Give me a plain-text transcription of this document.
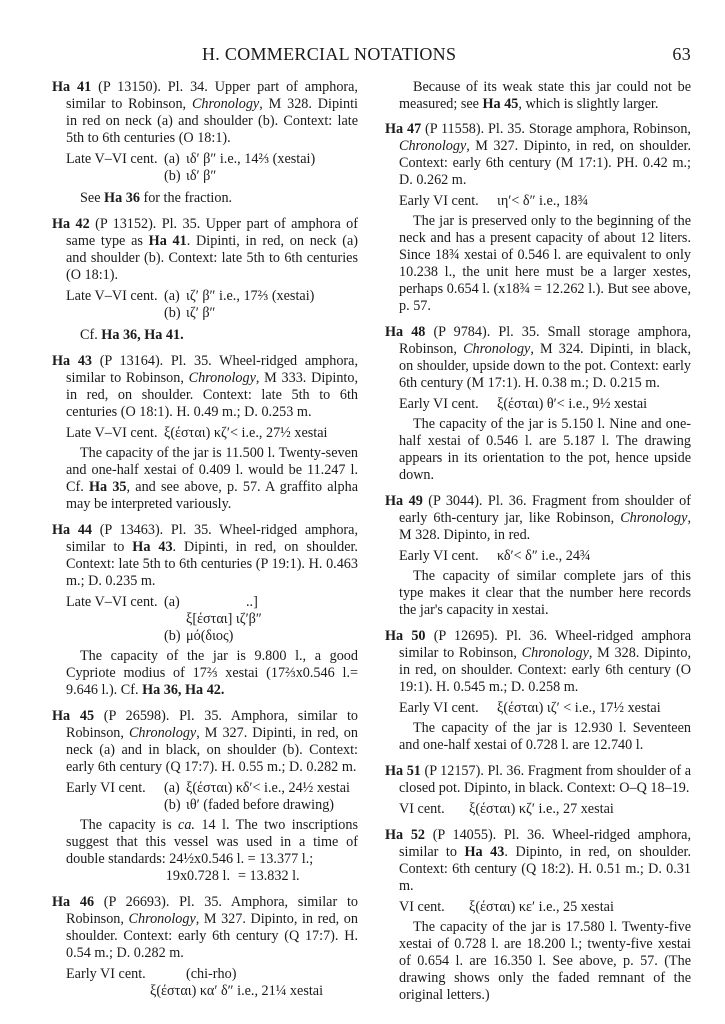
H. COMMERCIAL NOTATIONS	63

Ha 41 (P 13150). Pl. 34. Upper part of amphora, similar to Robinson, Chronology, M 328. Dipinti in red on neck (a) and shoulder (b). Context: late 5th to 6th centuries (O 18:1).

Late V–VI cent. (a) ιδ′ β″ i.e., 14⅔ (xestai)
(b) ιδ′ β″
See Ha 36 for the fraction.

Ha 42 (P 13152). Pl. 35. Upper part of amphora of same type as Ha 41. Dipinti, in red, on neck (a) and shoulder (b). Context: late 5th to 6th centuries (O 18:1).

Late V–VI cent. (a) ιζ′ β″ i.e., 17⅔ (xestai)
(b) ιζ′ β″
Cf. Ha 36, Ha 41.

Ha 43 (P 13164). Pl. 35. Wheel-ridged amphora, similar to Robinson, Chronology, M 333. Dipinto, in red, on shoulder. Context: late 5th to 6th centuries (O 18:1). H. 0.49 m.; D. 0.253 m.

Late V–VI cent. ξ(έσται) κζ′< i.e., 27½ xestai

The capacity of the jar is 11.500 l. Twenty-seven and one-half xestai of 0.409 l. would be 11.247 l. Cf. Ha 35, and see above, p. 57. A graffito alpha may be interpreted variously.

Ha 44 (P 13463). Pl. 35. Wheel-ridged amphora, similar to Ha 43. Dipinti, in red, on shoulder. Context: late 5th to 6th centuries (P 19:1). H. 0.463 m.; D. 0.235 m.

Late V–VI cent. (a)	..]
ξ[έσται] ιζ′β″
(b) μό(διος)

The capacity of the jar is 9.800 l., a good Cypriote modius of 17⅔ xestai (17⅔x0.546 l.= 9.646 l.). Cf. Ha 36, Ha 42.

Ha 45 (P 26598). Pl. 35. Amphora, similar to Robinson, Chronology, M 327. Dipinti, in red, on neck (a) and in black, on shoulder (b). Context: early 6th century (Q 17:7). H. 0.55 m.; D. 0.282 m.

Early VI cent.	(a) ξ(έσται) κδ′< i.e., 24½ xestai
(b) ιθ′ (faded before drawing)

The capacity is ca. 14 l. The two inscriptions suggest that this vessel was used in a time of double standards: 24½x0.546 l. = 13.377 l.;

19x0.728 l. = 13.832 l.

Ha 46 (P 26693). Pl. 35. Amphora, similar to Robinson, Chronology, M 327. Dipinto, in red, on shoulder. Context: early 6th century (Q 17:7). H. 0.54 m.; D. 0.282 m.

Early VI cent.	(chi-rho)
ξ(έσται) κα′ δ″ i.e., 21¼ xestai

Because of its weak state this jar could not be measured; see Ha 45, which is slightly larger.

Ha 47 (P 11558). Pl. 35. Storage amphora, Robinson, Chronology, M 327. Dipinto, in red, on shoulder. Context: early 6th century (M 17:1). PH. 0.42 m.; D. 0.262 m.

Early VI cent.	ιη′< δ″ i.e., 18¾

The jar is preserved only to the beginning of the neck and has a present capacity of about 12 liters. Since 18¾ xestai of 0.546 l. are equivalent to only 10.238 l., the unit here must be a larger xestes, perhaps 0.654 l. (x18¾ = 12.262 l.). But see above, p. 57.

Ha 48 (P 9784). Pl. 35. Small storage amphora, Robinson, Chronology, M 324. Dipinti, in black, on shoulder, upside down to the pot. Context: early 6th century (M 17:1). H. 0.38 m.; D. 0.215 m.

Early VI cent.	ξ(έσται) θ′< i.e., 9½ xestai

The capacity of the jar is 5.150 l. Nine and one-half xestai of 0.546 l. are 5.187 l. The drawing appears in its orientation to the pot, hence upside down.

Ha 49 (P 3044). Pl. 36. Fragment from shoulder of early 6th-century jar, like Robinson, Chronology, M 328. Dipinto, in red.

Early VI cent.	κδ′< δ″ i.e., 24¾

The capacity of similar complete jars of this type makes it clear that the number here records the jar's capacity in xestai.

Ha 50 (P 12695). Pl. 36. Wheel-ridged amphora similar to Robinson, Chronology, M 328. Dipinto, in red, on shoulder. Context: early 6th century (O 19:1). H. 0.545 m.; D. 0.258 m.

Early VI cent.	ξ(έσται) ιζ′ < i.e., 17½ xestai

The capacity of the jar is 12.930 l. Seventeen and one-half xestai of 0.728 l. are 12.740 l.

Ha 51 (P 12157). Pl. 36. Fragment from shoulder of a closed pot. Dipinto, in black. Context: O–Q 18–19.

VI cent.	ξ(έσται) κζ′ i.e., 27 xestai

Ha 52 (P 14055). Pl. 36. Wheel-ridged amphora, similar to Ha 43. Dipinto, in red, on shoulder. Context: 6th century (Q 18:2). H. 0.51 m.; D. 0.31 m.

VI cent.	ξ(έσται) κε′ i.e., 25 xestai

The capacity of the jar is 17.580 l. Twenty-five xestai of 0.728 l. are 18.200 l.; twenty-five xestai of 0.654 l. are 16.350 l. See above, p. 57. (The drawing shows only the faded remnant of the original letters.)
